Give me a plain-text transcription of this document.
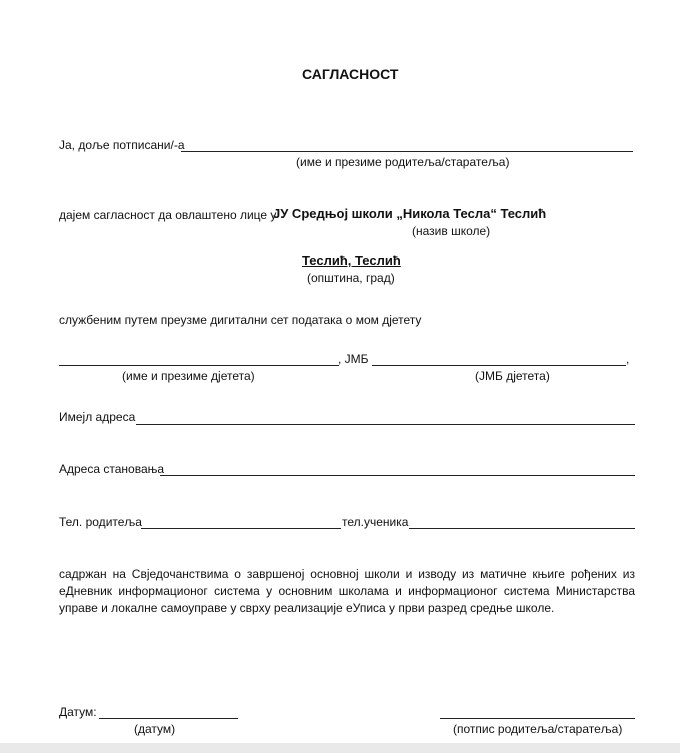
САГЛАСНОСТ
Ја, доље потписани/-а
(име и презиме родитеља/старатеља)
дајем сагласност да овлаштено лице у
ЈУ Средњој школи „Никола Тесла“ Теслић
(назив школе)
Теслић, Теслић
(општина, град)
службеним путем преузме дигитални сет података о мом дјетету
, ЈМБ	,
(име и презиме дјетета)	(ЈМБ дјетета)
Имејл адреса
Адреса становања
Тел. родитеља	тел.ученика
садржан на Свједочанствима о завршеној основној школи и изводу из матичне књиге рођених из еДневник информационог система у основним школама и информационог система Министарства управе и локалне самоуправе у сврху реализације еУписа у први разред средње школе.
Датум:
(датум)	(потпис родитеља/старатеља)
